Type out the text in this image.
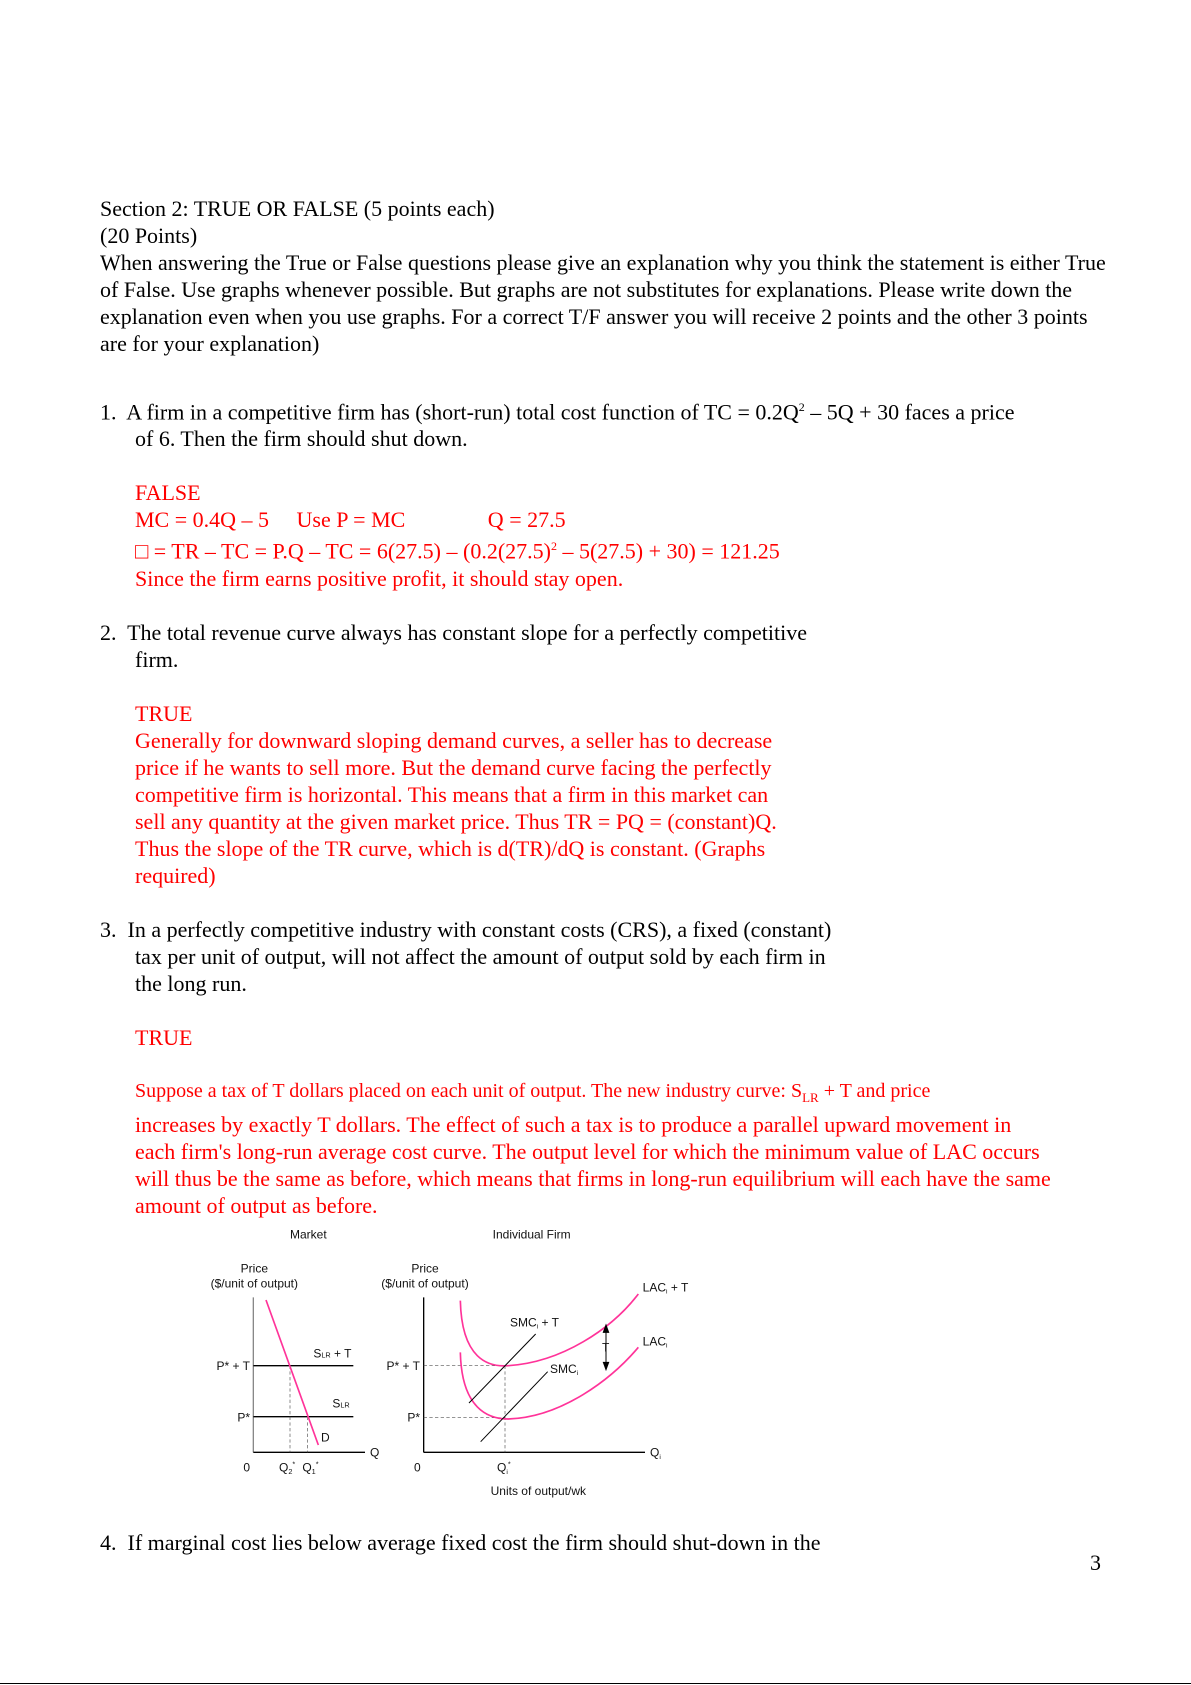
Section 2: TRUE OR FALSE (5 points each)

(20 Points)

When answering the True or False questions please give an explanation why you think the statement is either True of False. Use graphs whenever possible. But graphs are not substitutes for explanations. Please write down the explanation even when you use graphs. For a correct T/F answer you will receive 2 points and the other 3 points are for your explanation)

1. A firm in a competitive firm has (short-run) total cost function of TC = $0.2Q^2 - 5Q + 30$ faces a price

of 6. Then the firm should shut down.

FALSE

MC = 0.4Q – 5     Use P = MC               Q = 27.5

□ = TR – TC = P.Q – TC = $6(27.5) - (0.2(27.5)^2 - 5(27.5) + 30) = 121.25$

Since the firm earns positive profit, it should stay open.

2. The total revenue curve always has constant slope for a perfectly competitive

firm.

TRUE

Generally for downward sloping demand curves, a seller has to decrease price if he wants to sell more. But the demand curve facing the perfectly competitive firm is horizontal. This means that a firm in this market can sell any quantity at the given market price. Thus TR = PQ = (constant)Q. Thus the slope of the TR curve, which is d(TR)/dQ is constant. (Graphs required)

3. In a perfectly competitive industry with constant costs (CRS), a fixed (constant)

tax per unit of output, will not affect the amount of output sold by each firm in the long run.

TRUE

Suppose a tax of T dollars placed on each unit of output. The new industry curve: $S_{LR} + T$ and price

increases by exactly T dollars. The effect of such a tax is to produce a parallel upward movement in each firm's long-run average cost curve. The output level for which the minimum value of LAC occurs will thus be the same as before, which means that firms in long-run equilibrium will each have the same amount of output as before.

Market	Individual Firm
Price
($/unit of output)
Price
($/unit of output)
P* + T
P*
SLR + T
SLR
D
Q
0 $Q_2^*$ $Q_1^*$
P* + T
P*
0 $Q_i^*$
$Q_i$
Units of output/wk
SMCi + T
SMCi
LACi + T
LACi
T

4. If marginal cost lies below average fixed cost the firm should shut-down in the

3
